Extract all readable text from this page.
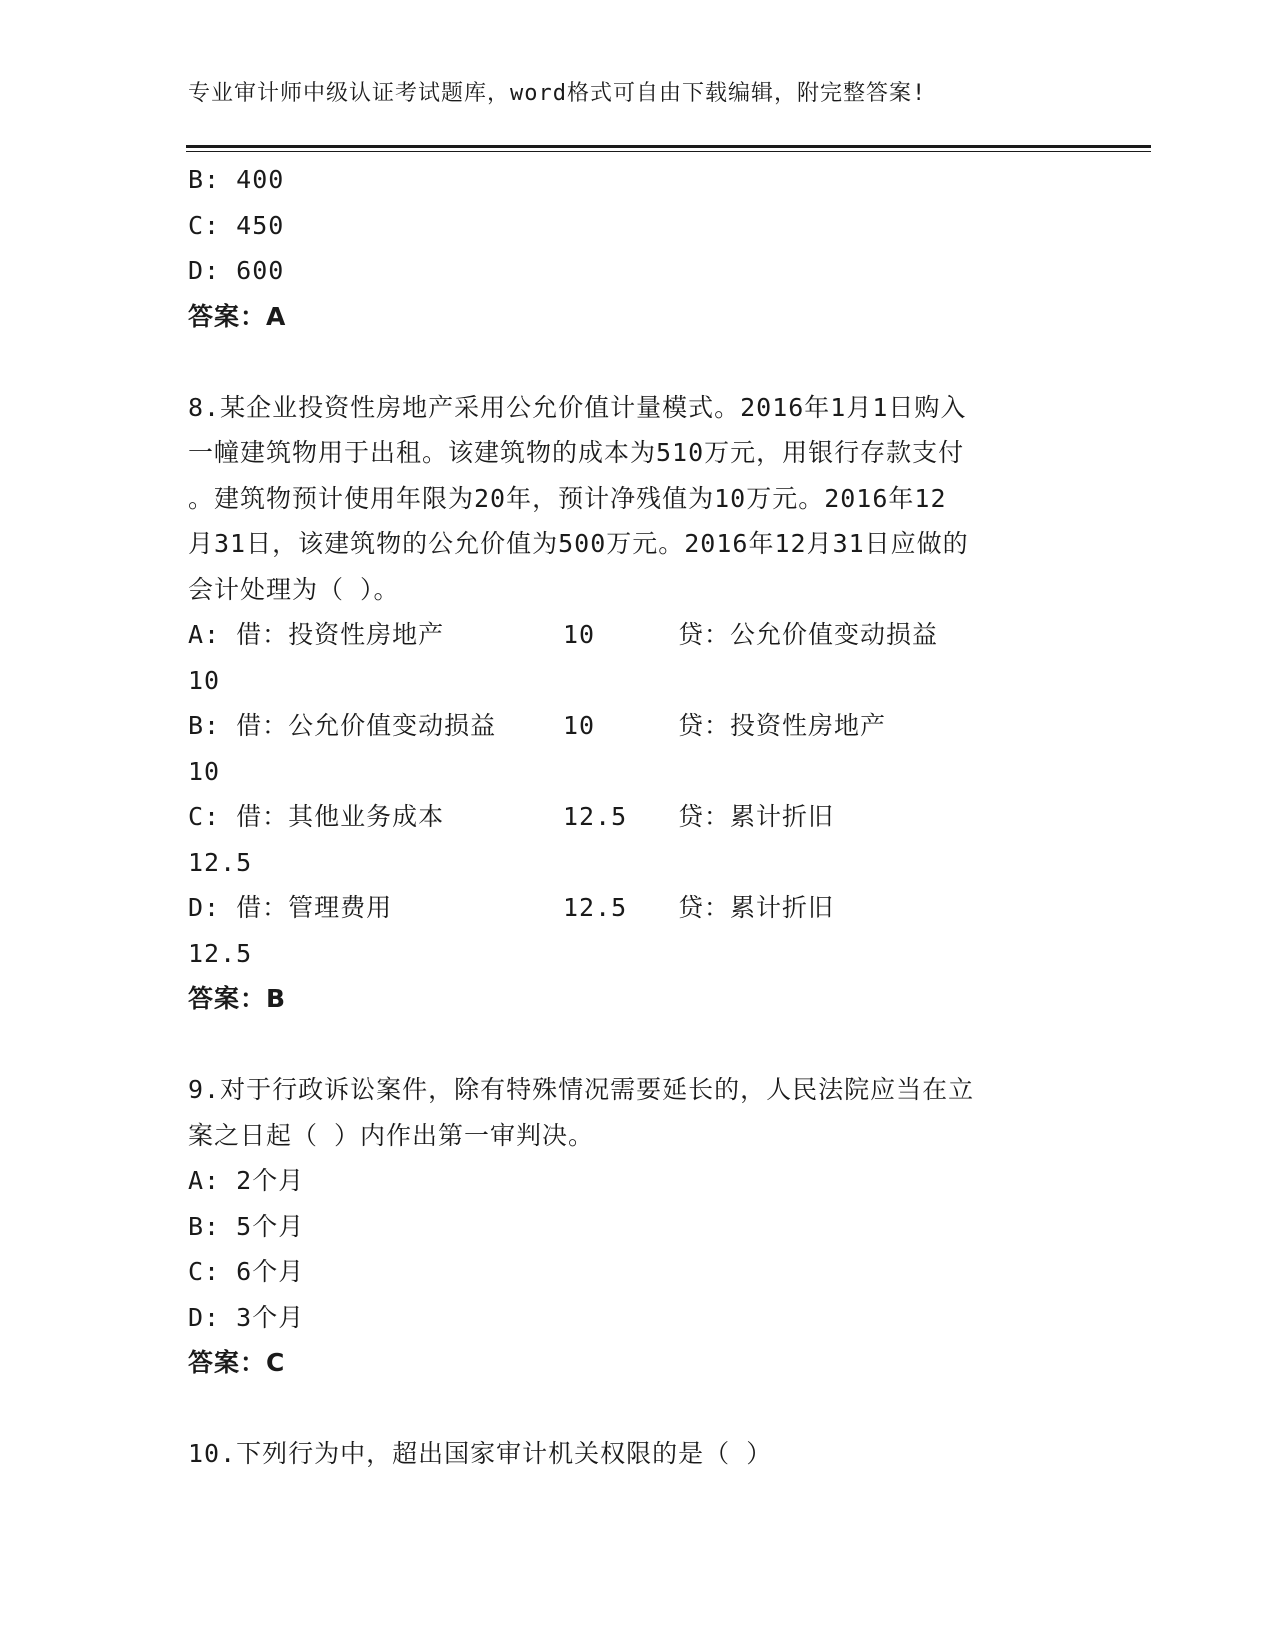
专业审计师中级认证考试题库，word格式可自由下载编辑，附完整答案!
B: 400
C: 450
D: 600
答案：A
8.某企业投资性房地产采用公允价值计量模式。2016年1月1日购入
一幢建筑物用于出租。该建筑物的成本为510万元，用银行存款支付
。建筑物预计使用年限为20年，预计净残值为10万元。2016年12
月31日，该建筑物的公允价值为500万元。2016年12月31日应做的
会计处理为（ ）。
A: 借：投资性房地产	10	贷：公允价值变动损益
10
B: 借：公允价值变动损益	10	贷：投资性房地产
10
C: 借：其他业务成本	12.5 贷：累计折旧
12.5
D: 借：管理费用	12.5 贷：累计折旧
12.5
答案：B
9.对于行政诉讼案件，除有特殊情况需要延长的，人民法院应当在立
案之日起（ ）内作出第一审判决。
A: 2个月
B: 5个月
C: 6个月
D: 3个月
答案：C
10.下列行为中，超出国家审计机关权限的是（ ）
